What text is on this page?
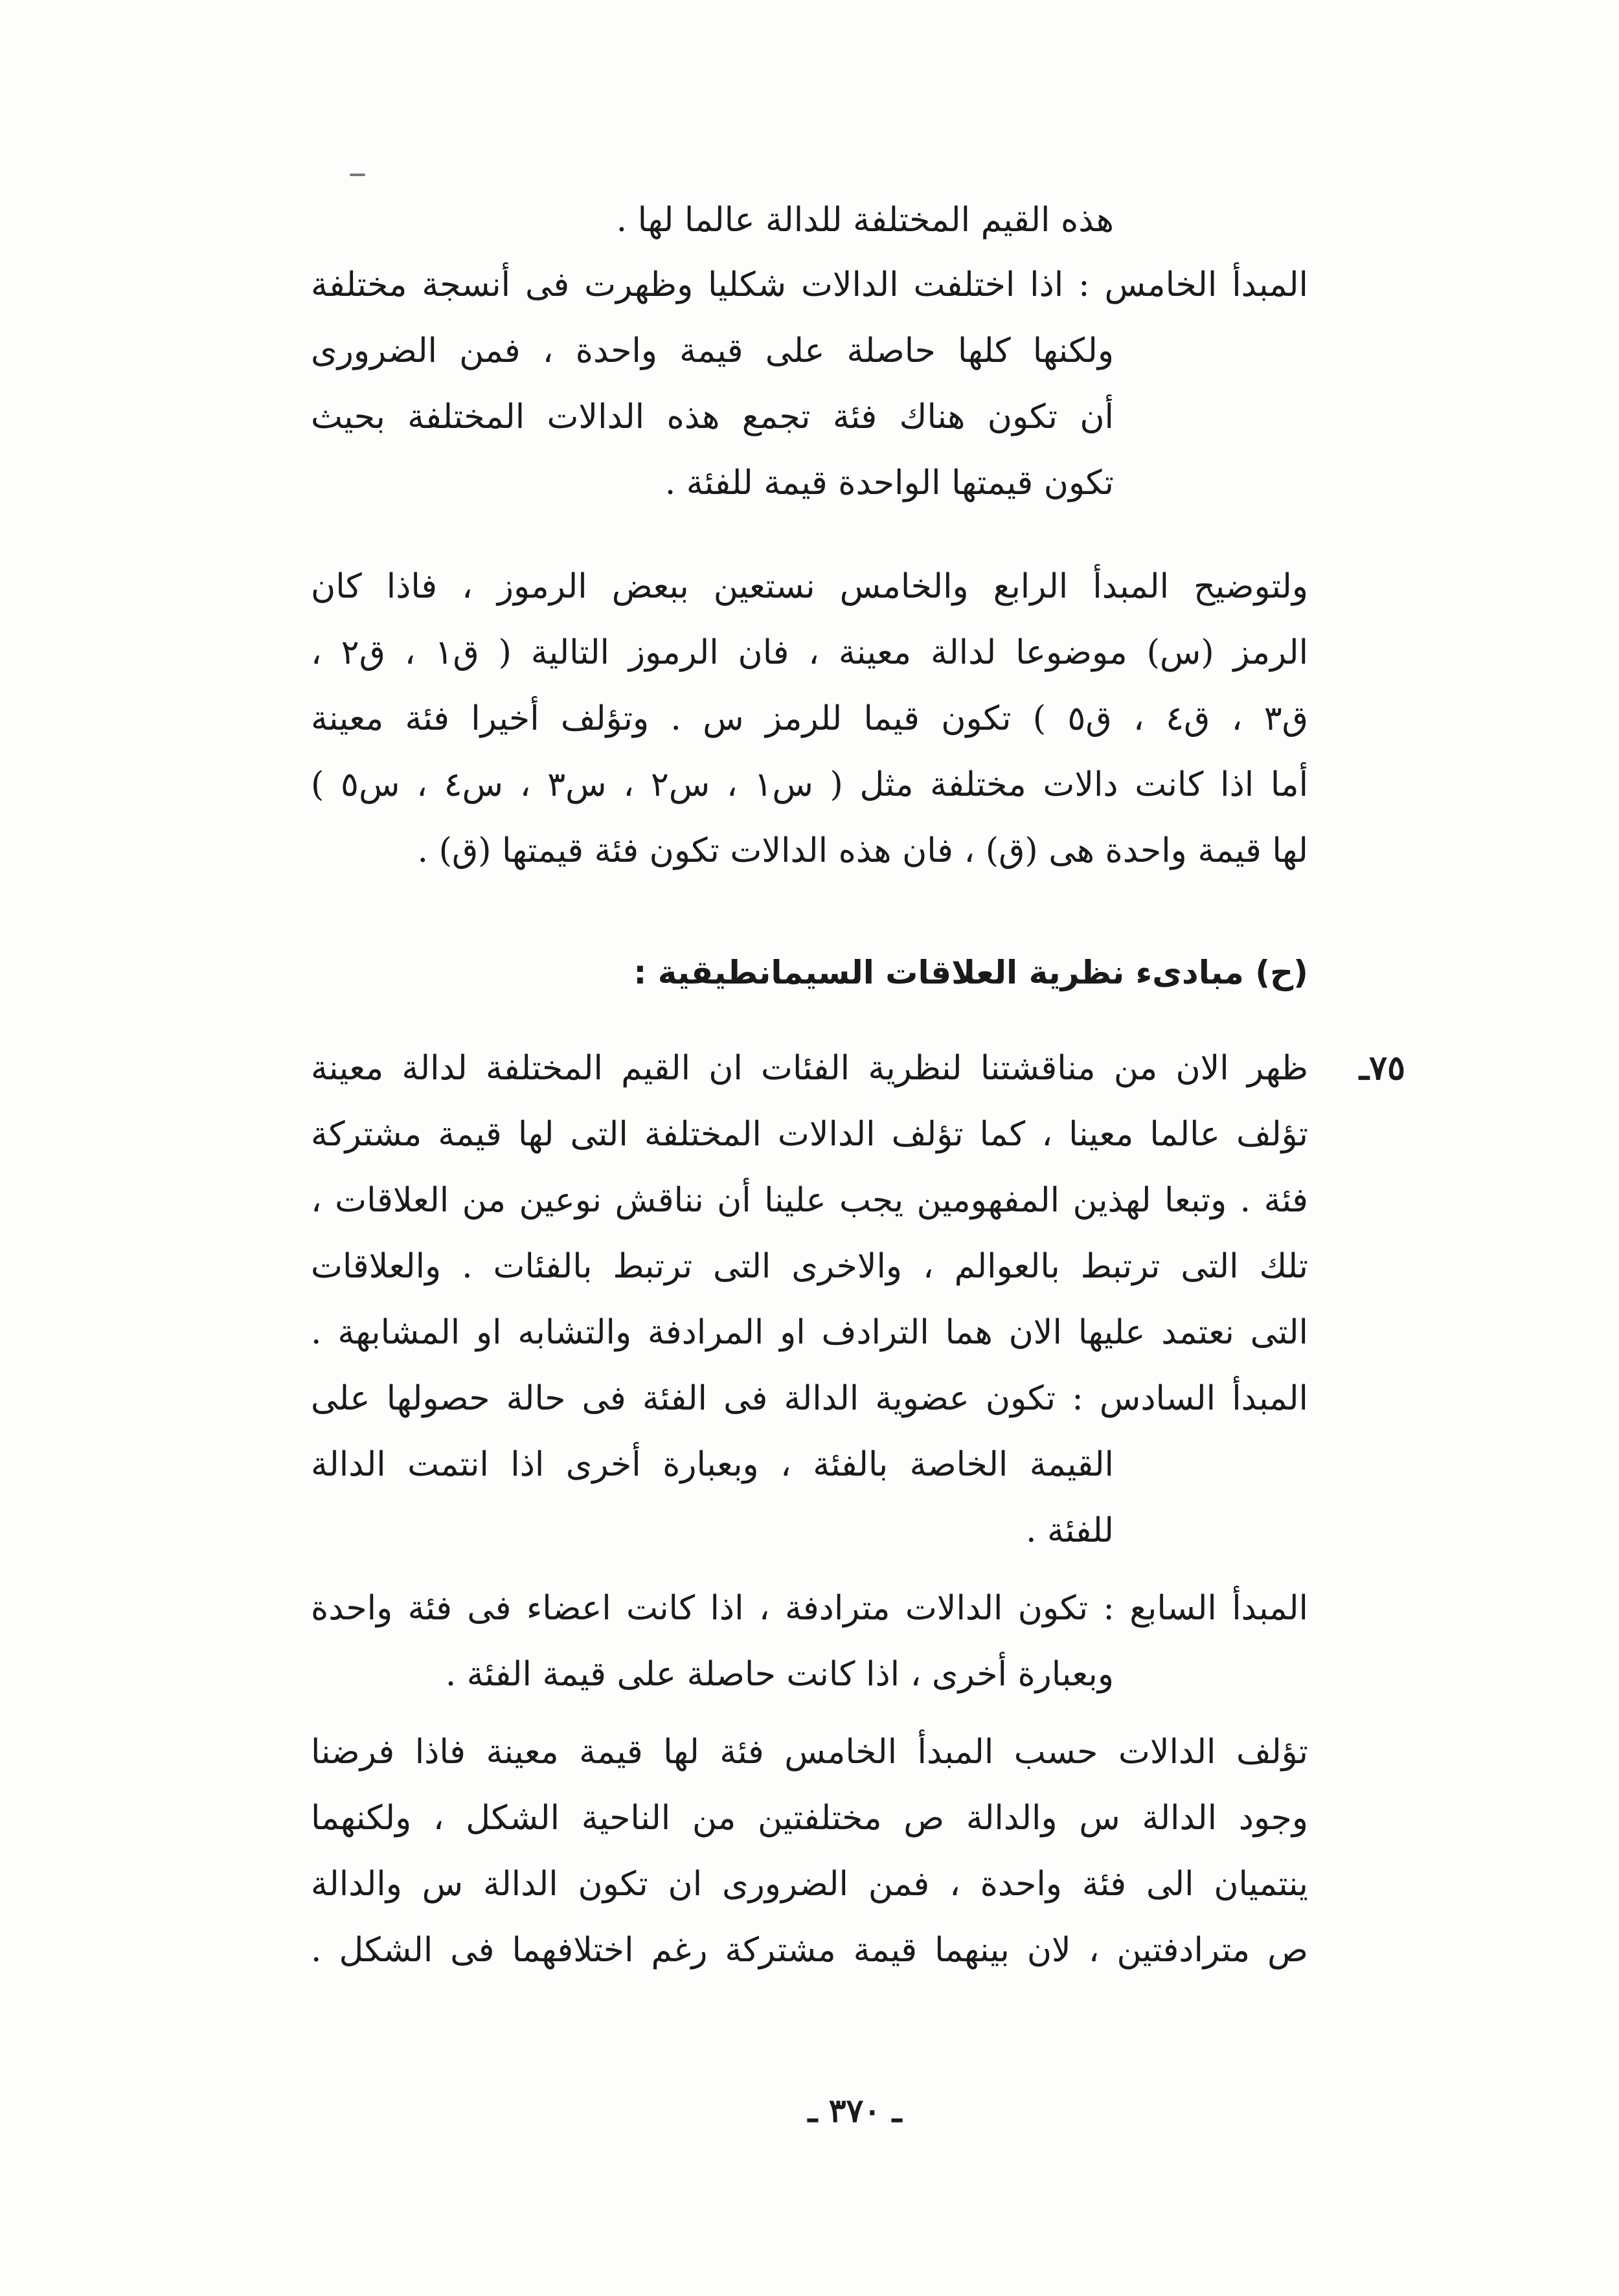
هذه القيم المختلفة للدالة عالما لها .
المبدأ الخامس : اذا اختلفت الدالات شكليا وظهرت فى أنسجة مختلفة
ولكنها كلها حاصلة على قيمة واحدة ، فمن الضرورى
أن تكون هناك فئة تجمع هذه الدالات المختلفة بحيث
تكون قيمتها الواحدة قيمة للفئة .
ولتوضيح المبدأ الرابع والخامس نستعين ببعض الرموز ، فاذا كان
الرمز (س) موضوعا لدالة معينة ، فان الرموز التالية ( ق١ ، ق٢ ،
ق٣ ، ق٤ ، ق٥ ) تكون قيما للرمز س . وتؤلف أخيرا فئة معينة
أما اذا كانت دالات مختلفة مثل ( س١ ، س٢ ، س٣ ، س٤ ، س٥ )
لها قيمة واحدة هى (ق) ، فان هذه الدالات تكون فئة قيمتها (ق) .
(ح) مبادىء نظرية العلاقات السيمانطيقية :
٧٥ـ
ظهر الان من مناقشتنا لنظرية الفئات ان القيم المختلفة لدالة معينة
تؤلف عالما معينا ، كما تؤلف الدالات المختلفة التى لها قيمة مشتركة
فئة . وتبعا لهذين المفهومين يجب علينا أن نناقش نوعين من العلاقات ،
تلك التى ترتبط بالعوالم ، والاخرى التى ترتبط بالفئات . والعلاقات
التى نعتمد عليها الان هما الترادف او المرادفة والتشابه او المشابهة .
المبدأ السادس : تكون عضوية الدالة فى الفئة فى حالة حصولها على
القيمة الخاصة بالفئة ، وبعبارة أخرى اذا انتمت الدالة
للفئة .
المبدأ السابع : تكون الدالات مترادفة ، اذا كانت اعضاء فى فئة واحدة
وبعبارة أخرى ، اذا كانت حاصلة على قيمة الفئة .
تؤلف الدالات حسب المبدأ الخامس فئة لها قيمة معينة فاذا فرضنا
وجود الدالة س والدالة ص مختلفتين من الناحية الشكل ، ولكنهما
ينتميان الى فئة واحدة ، فمن الضرورى ان تكون الدالة س والدالة
ص مترادفتين ، لان بينهما قيمة مشتركة رغم اختلافهما فى الشكل .
ـ ٣٧٠ ـ
